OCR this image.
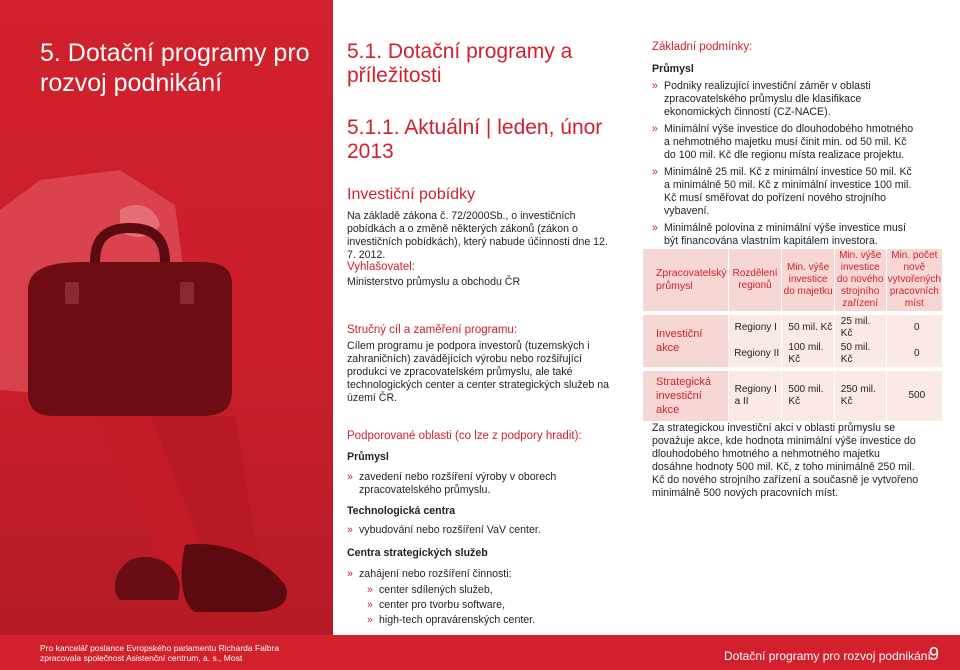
5. Dotační programy pro rozvoj podnikání
5.1. Dotační programy a příležitosti
5.1.1. Aktuální | leden, únor 2013
Investiční pobídky
Na základě zákona č. 72/2000Sb., o investičních pobídkách a o změně některých zákonů (zákon o investičních pobídkách), který nabude účinnosti dne 12. 7. 2012.
Vyhlašovatel:
Ministerstvo průmyslu a obchodu ČR
Stručný cíl a zaměření programu:
Cílem programu je podpora investorů (tuzemských i zahraničních) zavádějících výrobu nebo rozšiřující produkci ve zpracovatelském průmyslu, ale také technologických center a center strategických služeb na území ČR.
Základní podmínky:
Průmysl
» Podniky realizující investiční záměr v oblasti zpracovatelského průmyslu dle klasifikace ekonomických činností (CZ-NACE).
» Minimální výše investice do dlouhodobého hmotného a nehmotného majetku musí činit min. od 50 mil. Kč do 100 mil. Kč dle regionu místa realizace projektu.
» Minimálně 25 mil. Kč z minimální investice 50 mil. Kč a minimálně 50 mil. Kč z minimální investice 100 mil. Kč musí směřovat do pořízení nového strojního vybavení.
» Minimálně polovina z minimální výše investice musí být financována vlastním kapitálem investora.
Zpracovatelský průmysl	Rozdělení regionů	Min. výše investice do majetku	Min. výše investice do nového strojního zařízení	Min. počet nově vytvořených pracovních míst

Investiční akce	Regiony I	50 mil. Kč	25 mil. Kč	0
	Regiony II	100 mil. Kč	50 mil. Kč	0

Strategická investiční akce	Regiony I a II	500 mil. Kč	250 mil. Kč	500
Podporované oblasti (co lze z podpory hradit):
Průmysl
» zavedení nebo rozšíření výroby v oborech zpracovatelského průmyslu.
Technologická centra
» vybudování nebo rozšíření VaV center.
Centra strategických služeb
» zahájení nebo rozšíření činnosti:
» center sdílených služeb,
» center pro tvorbu software,
» high-tech opravárenských center.
Za strategickou investiční akci v oblasti průmyslu se považuje akce, kde hodnota minimální výše investice do dlouhodobého hmotného a nehmotného majetku dosáhne hodnoty 500 mil. Kč, z toho minimálně 250 mil. Kč do nového strojního zařízení a současně je vytvořeno minimálně 500 nových pracovních míst.
Pro kancelář poslance Evropského parlamentu Richarda Falbra
zpracovala společnost Asistenční centrum, a. s., Most	Dotační programy pro rozvoj podnikání
9
